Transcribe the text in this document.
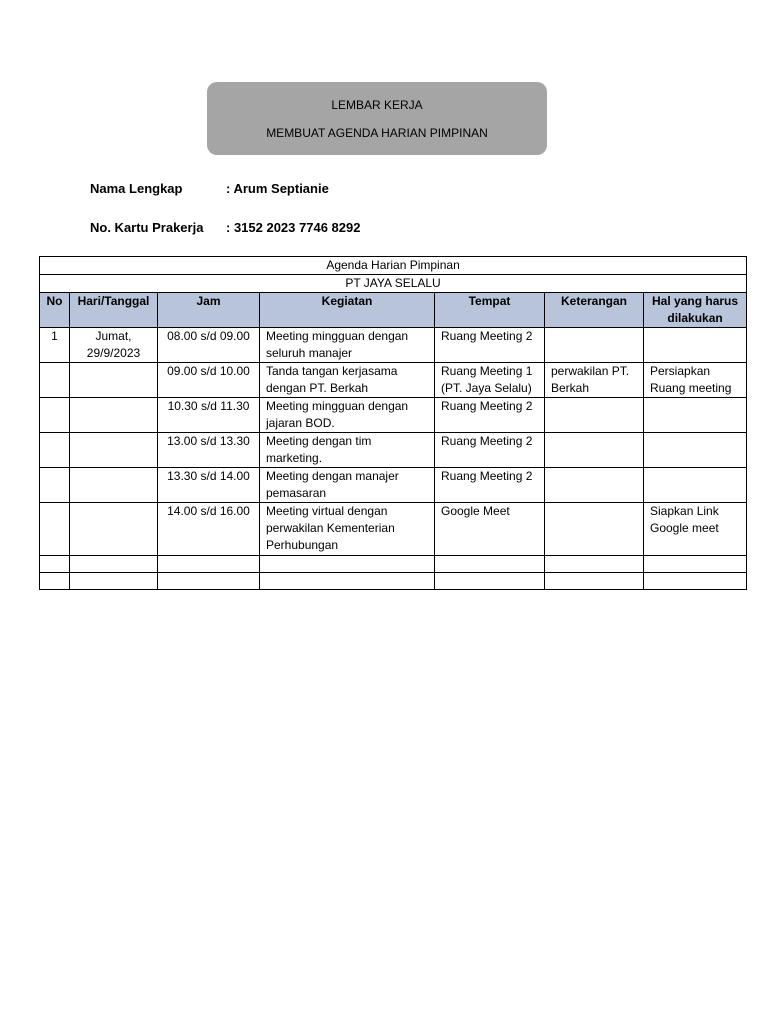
LEMBAR KERJA
MEMBUAT AGENDA HARIAN PIMPINAN
Nama Lengkap	: Arum Septianie
No. Kartu Prakerja : 3152 2023 7746 8292
Agenda Harian Pimpinan						
PT JAYA SELALU						
No	Hari/Tanggal	Jam	Kegiatan	Tempat	Keterangan	Hal yang harus dilakukan
1	Jumat, 29/9/2023	08.00 s/d 09.00	Meeting mingguan dengan seluruh manajer	Ruang Meeting 2		
		09.00 s/d 10.00	Tanda tangan kerjasama dengan PT. Berkah	Ruang Meeting 1 (PT. Jaya Selalu)	perwakilan PT. Berkah	Persiapkan Ruang meeting
		10.30 s/d 11.30	Meeting mingguan dengan jajaran BOD.	Ruang Meeting 2		
		13.00 s/d 13.30	Meeting dengan tim marketing.	Ruang Meeting 2		
		13.30 s/d 14.00	Meeting dengan manajer pemasaran	Ruang Meeting 2		
		14.00 s/d 16.00	Meeting virtual dengan perwakilan Kementerian Perhubungan	Google Meet		Siapkan Link Google meet
